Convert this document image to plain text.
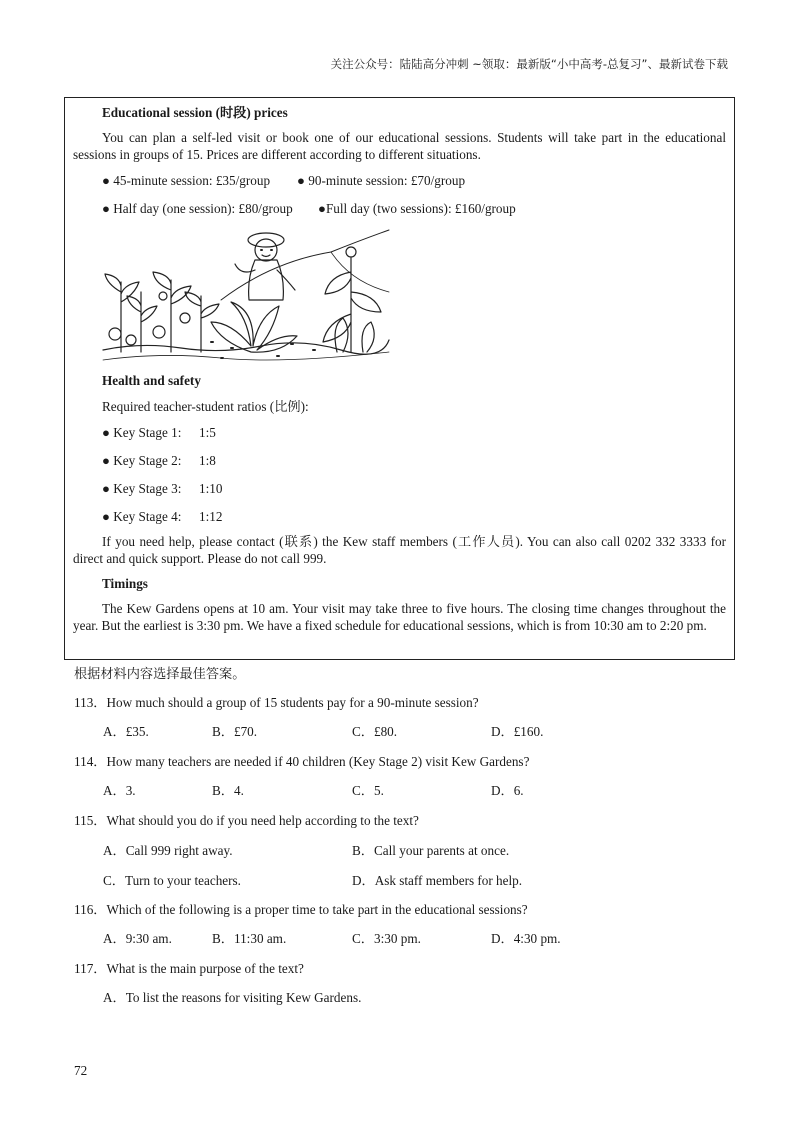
关注公众号：陆陆高分冲刺 ~领取：最新版“小中高考-总复习”、最新试卷下载
Educational session (时段) prices
You can plan a self-led visit or book one of our educational sessions. Students will take part in the educational sessions in groups of 15. Prices are different according to different situations.
● 45-minute session: £35/group ● 90-minute session: £70/group
● Half day (one session): £80/group ●Full day (two sessions): £160/group
Health and safety
Required teacher-student ratios (比例):
● Key Stage 1: 1:5
● Key Stage 2: 1:8
● Key Stage 3: 1:10
● Key Stage 4: 1:12
If you need help, please contact (联系) the Kew staff members (工作人员). You can also call 0202 332 3333 for direct and quick support. Please do not call 999.
Timings
The Kew Gardens opens at 10 am. Your visit may take three to five hours. The closing time changes throughout the year. But the earliest is 3:30 pm. We have a fixed schedule for educational sessions, which is from 10:30 am to 2:20 pm.
根据材料内容选择最佳答案。
113．How much should a group of 15 students pay for a 90-minute session?
A．£35.	B．£70.	C．£80.	D．£160.
114．How many teachers are needed if 40 children (Key Stage 2) visit Kew Gardens?
A．3.	B．4.	C．5.	D．6.
115．What should you do if you need help according to the text?
A．Call 999 right away.	B．Call your parents at once.
C．Turn to your teachers.	D．Ask staff members for help.
116．Which of the following is a proper time to take part in the educational sessions?
A．9:30 am.	B．11:30 am.	C．3:30 pm.	D．4:30 pm.
117．What is the main purpose of the text?
A．To list the reasons for visiting Kew Gardens.
72
